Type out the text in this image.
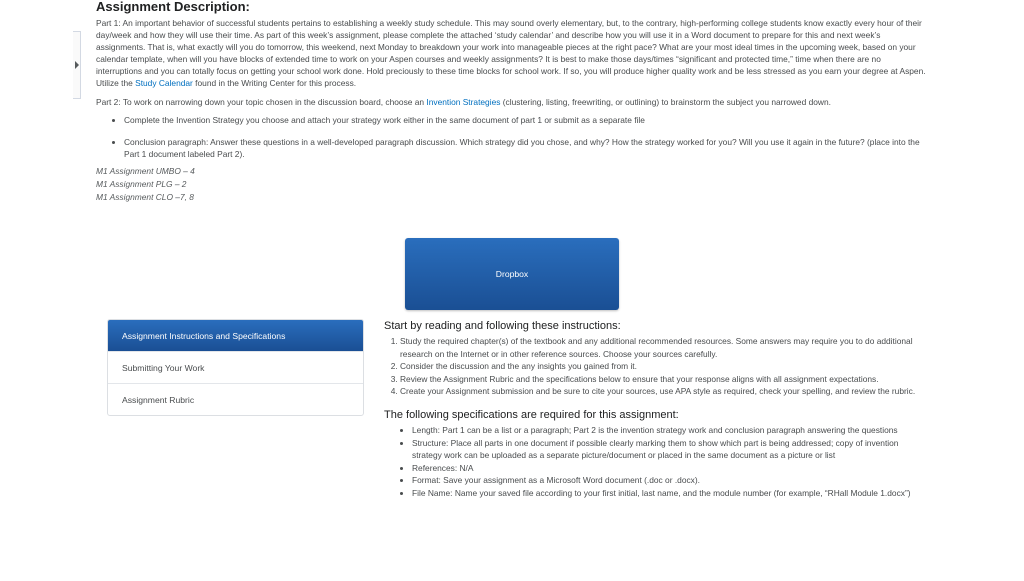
Assignment Description:

Part 1: An important behavior of successful students pertains to establishing a weekly study schedule. This may sound overly elementary, but, to the contrary, high-performing college students know exactly every hour of their day/week and how they will use their time. As part of this week’s assignment, please complete the attached ‘study calendar’ and describe how you will use it in a Word document to prepare for this and next week’s assignments. That is, what exactly will you do tomorrow, this weekend, next Monday to breakdown your work into manageable pieces at the right pace? What are your most ideal times in the upcoming week, based on your calendar template, when will you have blocks of extended time to work on your Aspen courses and weekly assignments? It is best to make those days/times “significant and protected time,” time when there are no interruptions and you can totally focus on getting your school work done. Hold preciously to these time blocks for school work. If so, you will produce higher quality work and be less stressed as you earn your degree at Aspen. Utilize the Study Calendar found in the Writing Center for this process.

Part 2: To work on narrowing down your topic chosen in the discussion board, choose an Invention Strategies (clustering, listing, freewriting, or outlining) to brainstorm the subject you narrowed down.

• Complete the Invention Strategy you choose and attach your strategy work either in the same document of part 1 or submit as a separate file
• Conclusion paragraph: Answer these questions in a well-developed paragraph discussion. Which strategy did you chose, and why? How the strategy worked for you? Will you use it again in the future? (place into the Part 1 document labeled Part 2).
M1 Assignment UMBO – 4
M1 Assignment PLG – 2
M1 Assignment CLO –7, 8
Dropbox
Assignment Instructions and Specifications
Submitting Your Work
Assignment Rubric
Start by reading and following these instructions:
1. Study the required chapter(s) of the textbook and any additional recommended resources. Some answers may require you to do additional research on the Internet or in other reference sources. Choose your sources carefully.
2. Consider the discussion and the any insights you gained from it.
3. Review the Assignment Rubric and the specifications below to ensure that your response aligns with all assignment expectations.
4. Create your Assignment submission and be sure to cite your sources, use APA style as required, check your spelling, and review the rubric.
The following specifications are required for this assignment:
• Length: Part 1 can be a list or a paragraph; Part 2 is the invention strategy work and conclusion paragraph answering the questions
• Structure: Place all parts in one document if possible clearly marking them to show which part is being addressed; copy of invention strategy work can be uploaded as a separate picture/document or placed in the same document as a picture or list
• References: N/A
• Format: Save your assignment as a Microsoft Word document (.doc or .docx).
• File Name: Name your saved file according to your first initial, last name, and the module number (for example, “RHall Module 1.docx”)
